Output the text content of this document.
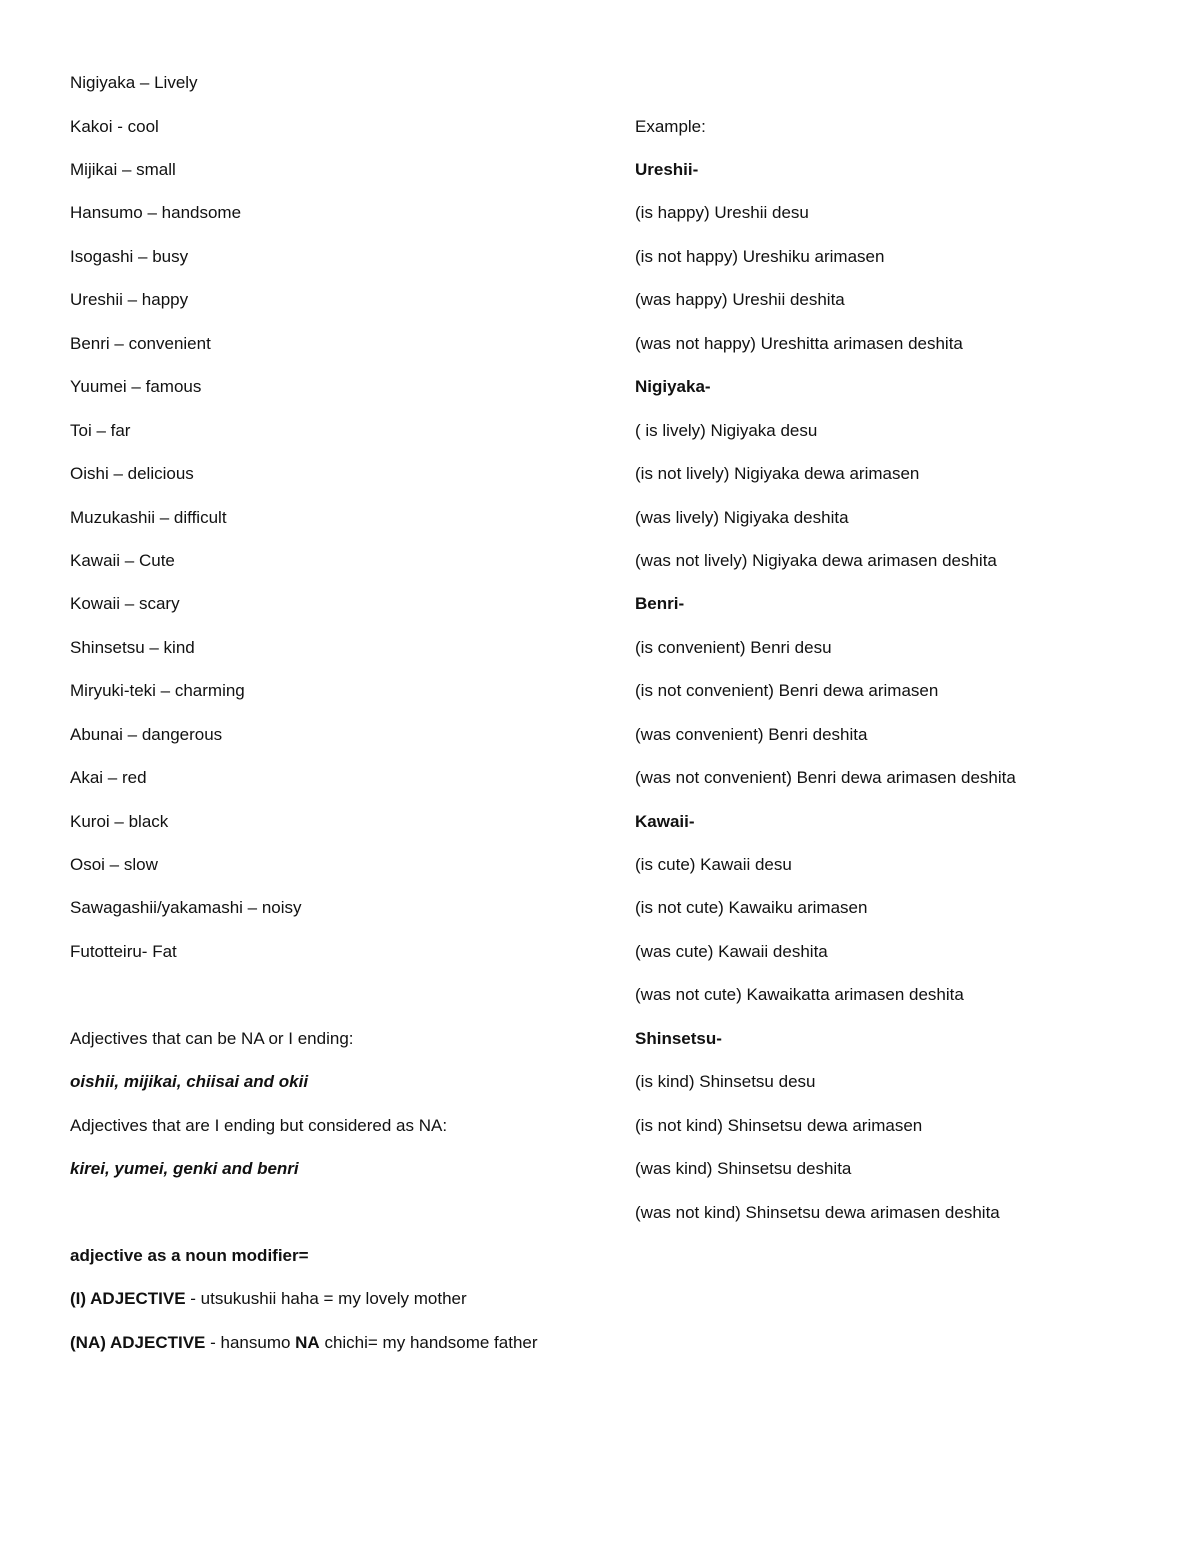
Nigiyaka – Lively
Kakoi - cool
Mijikai – small
Hansumo – handsome
Isogashi – busy
Ureshii – happy
Benri – convenient
Yuumei – famous
Toi – far
Oishi – delicious
Muzukashii – difficult
Kawaii – Cute
Kowaii – scary
Shinsetsu – kind
Miryuki-teki – charming
Abunai – dangerous
Akai – red
Kuroi – black
Osoi – slow
Sawagashii/yakamashi – noisy
Futotteiru- Fat
Adjectives that can be NA or I ending:
oishii, mijikai, chiisai and okii
Adjectives that are I ending but considered as NA:
kirei, yumei, genki and benri
adjective as a noun modifier=
(I) ADJECTIVE - utsukushii haha = my lovely mother
(NA) ADJECTIVE - hansumo NA chichi= my handsome father
Example:
Ureshii-
(is happy) Ureshii desu
(is not happy) Ureshiku arimasen
(was happy) Ureshii deshita
(was not happy) Ureshitta arimasen deshita
Nigiyaka-
( is lively) Nigiyaka desu
(is not lively) Nigiyaka dewa arimasen
(was lively) Nigiyaka deshita
(was not lively) Nigiyaka dewa arimasen deshita
Benri-
(is convenient) Benri desu
(is not convenient) Benri dewa arimasen
(was convenient) Benri deshita
(was not convenient) Benri dewa arimasen deshita
Kawaii-
(is cute) Kawaii desu
(is not cute) Kawaiku arimasen
(was cute) Kawaii deshita
(was not cute) Kawaikatta arimasen deshita
Shinsetsu-
(is kind) Shinsetsu desu
(is not kind) Shinsetsu dewa arimasen
(was kind) Shinsetsu deshita
(was not kind) Shinsetsu dewa arimasen deshita
